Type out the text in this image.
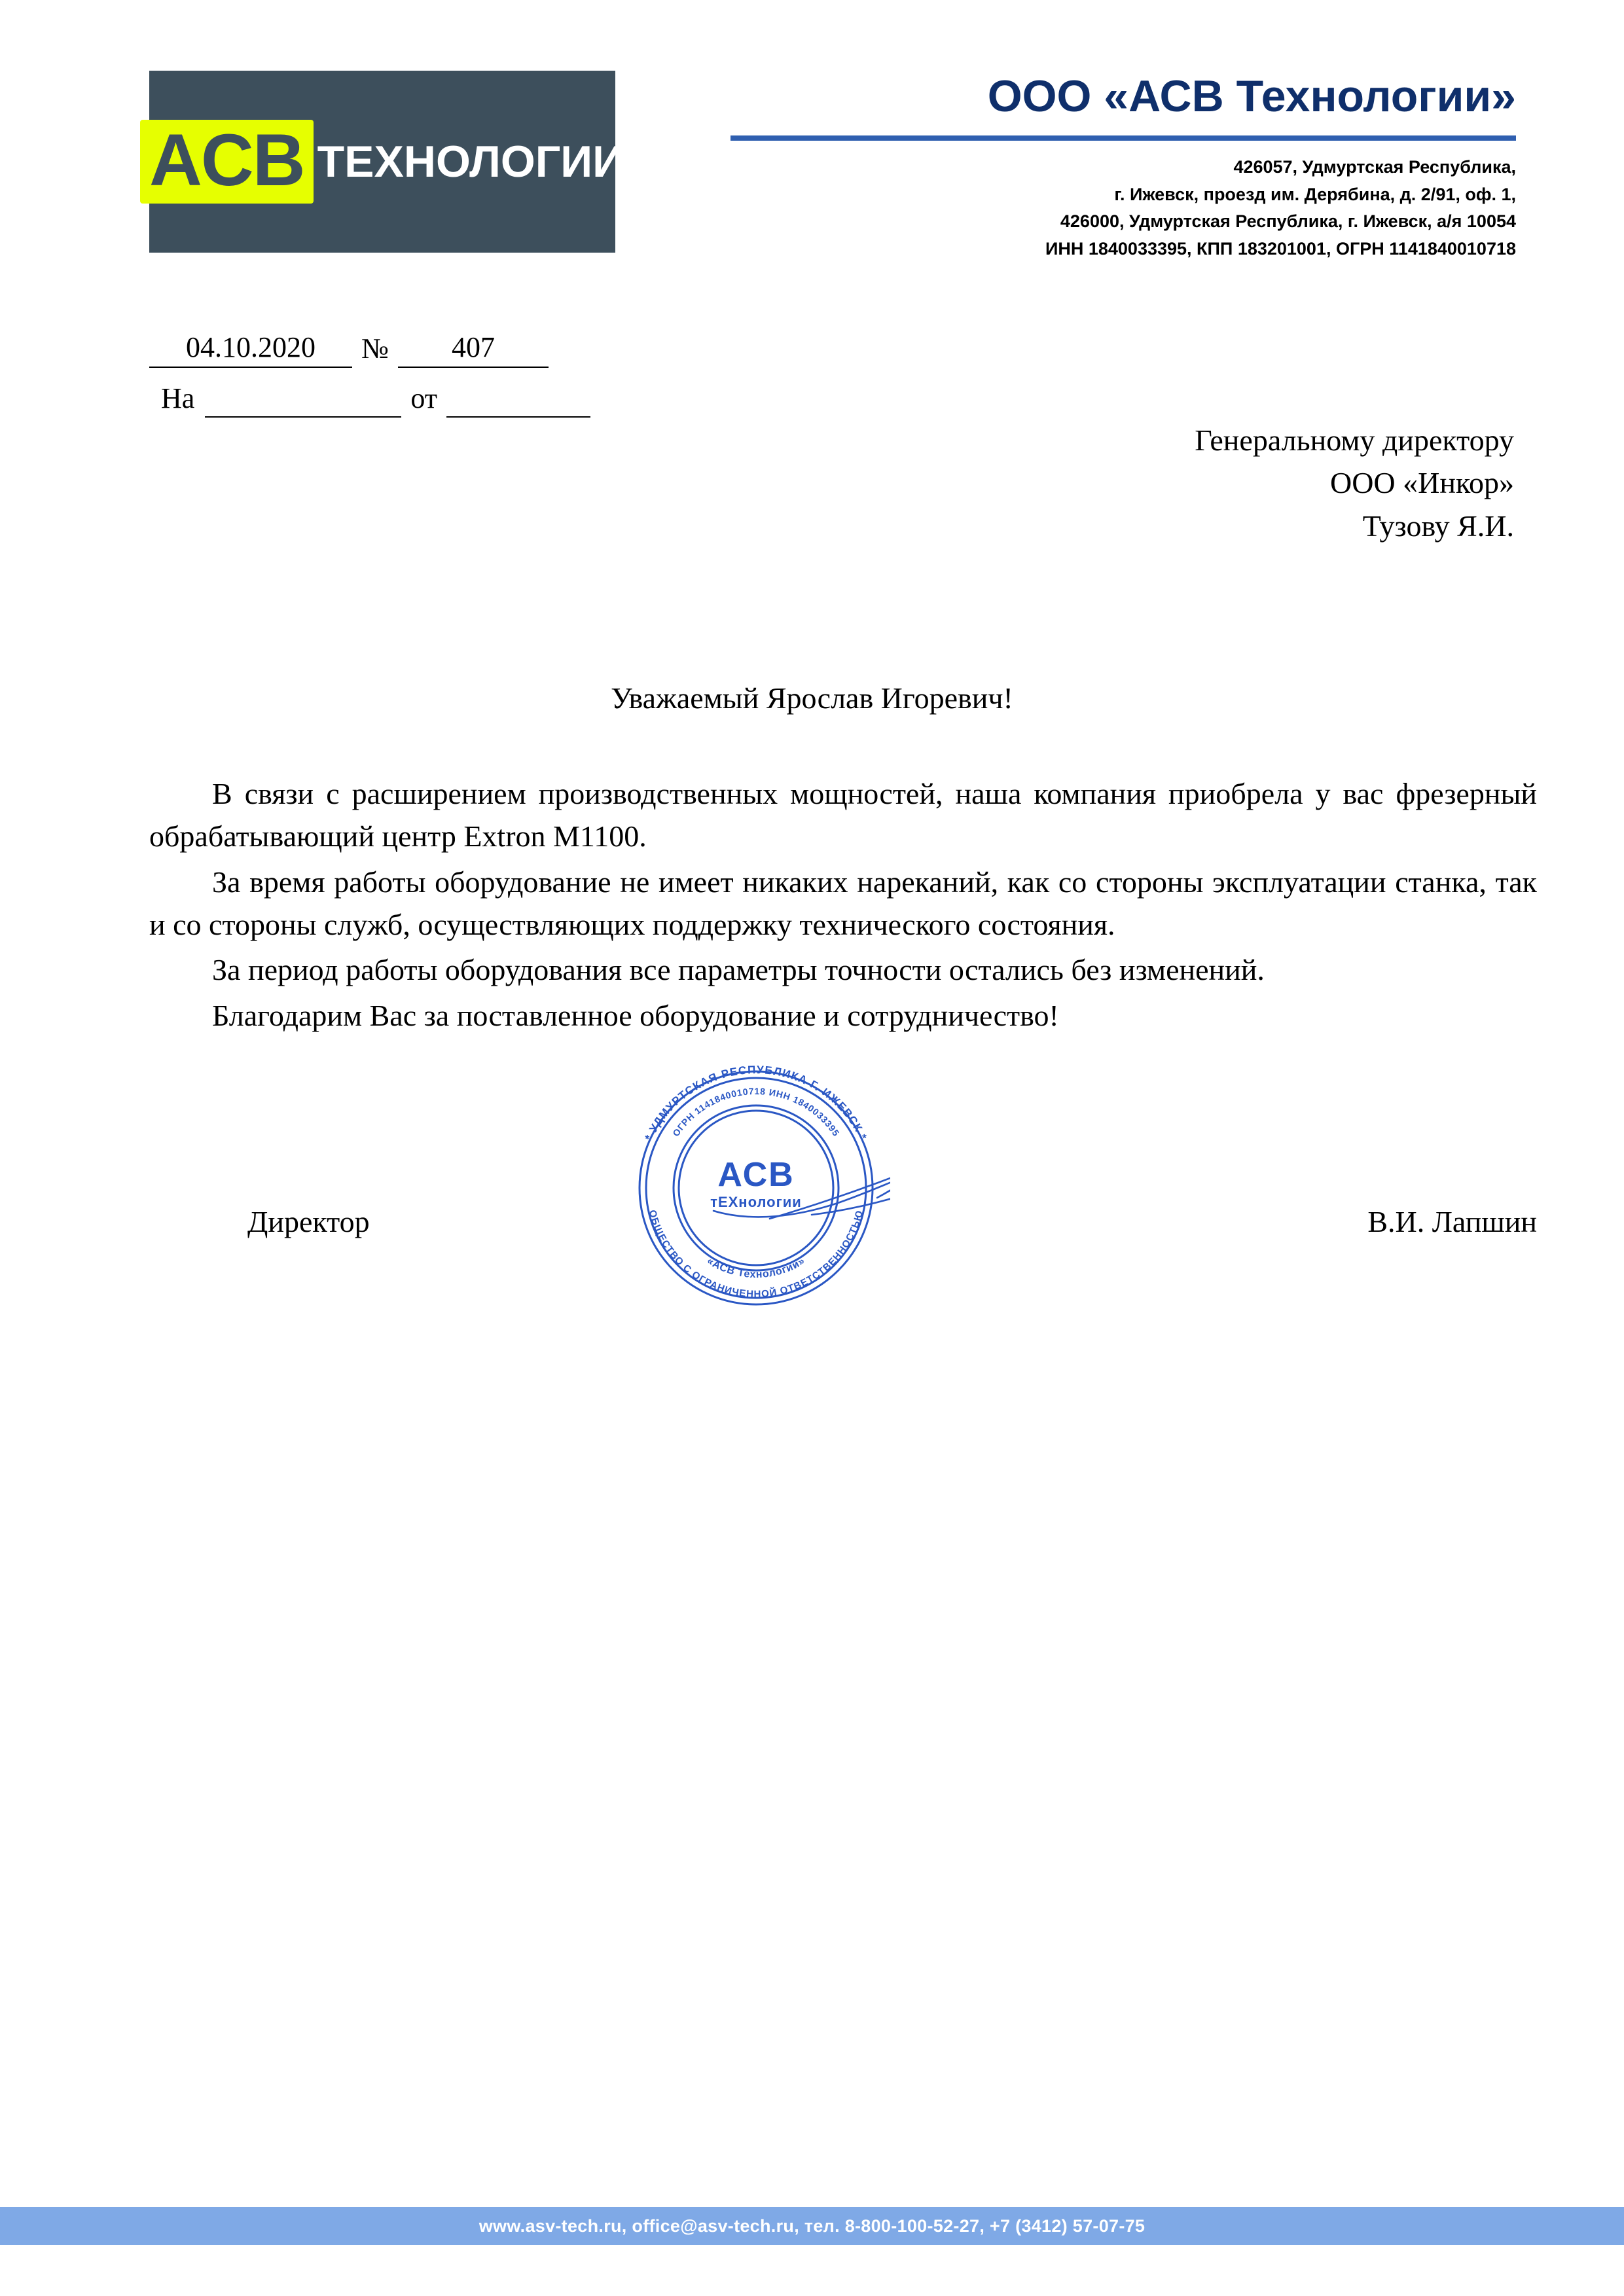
ACB ТЕХНОЛОГИИ
ООО «АСВ Технологии»
426057, Удмуртская Республика,
г. Ижевск, проезд им. Дерябина, д. 2/91, оф. 1,
426000, Удмуртская Республика, г. Ижевск, а/я 10054
ИНН 1840033395, КПП 183201001, ОГРН 1141840010718
04.10.2020	№	407
На	от
Генеральному директору
ООО «Инкор»
Тузову Я.И.
Уважаемый Ярослав Игоревич!

В связи с расширением производственных мощностей, наша компания приобрела у вас фрезерный обрабатывающий центр Extron M1100.

За время работы оборудование не имеет никаких нареканий, как со стороны эксплуатации станка, так и со стороны служб, осуществляющих поддержку технического состояния.

За период работы оборудования все параметры точности остались без изменений.

Благодарим Вас за поставленное оборудование и сотрудничество!

* УДМУРТСКАЯ РЕСПУБЛИКА Г. ИЖЕВСК *
ОБЩЕСТВО С ОГРАНИЧЕННОЙ ОТВЕТСТВЕННОСТЬЮ
ОГРН 1141840010718 ИНН 1840033395
«АСВ Технологии»
АСВ
тЕХнологии
Директор	В.И. Лапшин
www.asv-tech.ru, office@asv-tech.ru, тел. 8-800-100-52-27, +7 (3412) 57-07-75
